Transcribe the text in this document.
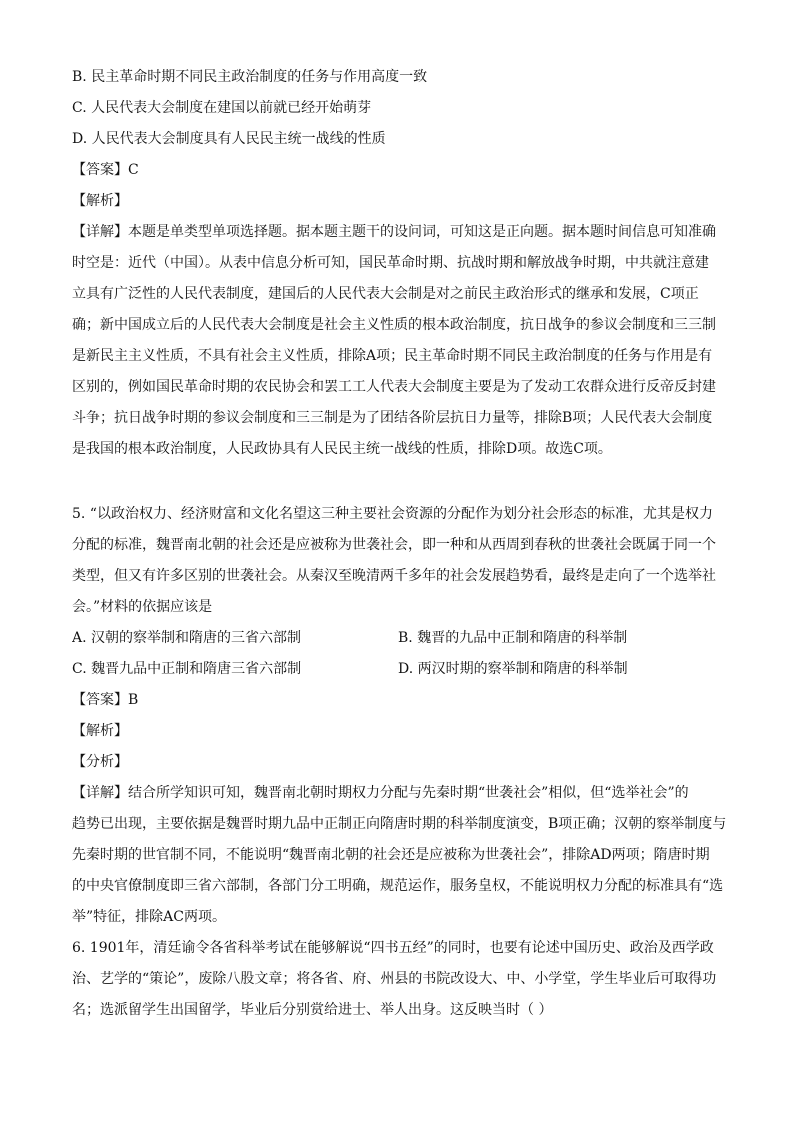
B. 民主革命时期不同民主政治制度的任务与作用高度一致
C. 人民代表大会制度在建国以前就已经开始萌芽
D. 人民代表大会制度具有人民民主统一战线的性质
【答案】C
【解析】
【详解】本题是单类型单项选择题。据本题主题干的设问词，可知这是正向题。据本题时间信息可知准确
时空是：近代（中国）。从表中信息分析可知，国民革命时期、抗战时期和解放战争时期，中共就注意建
立具有广泛性的人民代表制度，建国后的人民代表大会制是对之前民主政治形式的继承和发展，C项正
确；新中国成立后的人民代表大会制度是社会主义性质的根本政治制度，抗日战争的参议会制度和三三制
是新民主主义性质，不具有社会主义性质，排除A项；民主革命时期不同民主政治制度的任务与作用是有
区别的，例如国民革命时期的农民协会和罢工工人代表大会制度主要是为了发动工农群众进行反帝反封建
斗争；抗日战争时期的参议会制度和三三制是为了团结各阶层抗日力量等，排除B项；人民代表大会制度
是我国的根本政治制度，人民政协具有人民民主统一战线的性质，排除D项。故选C项。
5. “以政治权力、经济财富和文化名望这三种主要社会资源的分配作为划分社会形态的标准，尤其是权力
分配的标准，魏晋南北朝的社会还是应被称为世袭社会，即一种和从西周到春秋的世袭社会既属于同一个
类型，但又有许多区别的世袭社会。从秦汉至晚清两千多年的社会发展趋势看，最终是走向了一个选举社
会。”材料的依据应该是
A. 汉朝的察举制和隋唐的三省六部制	B. 魏晋的九品中正制和隋唐的科举制
C. 魏晋九品中正制和隋唐三省六部制	D. 两汉时期的察举制和隋唐的科举制
【答案】B
【解析】
【分析】
【详解】结合所学知识可知，魏晋南北朝时期权力分配与先秦时期“世袭社会”相似，但“选举社会”的
趋势已出现，主要依据是魏晋时期九品中正制正向隋唐时期的科举制度演变，B项正确；汉朝的察举制度与
先秦时期的世官制不同，不能说明“魏晋南北朝的社会还是应被称为世袭社会”，排除AD两项；隋唐时期
的中央官僚制度即三省六部制，各部门分工明确，规范运作，服务皇权，不能说明权力分配的标准具有“选
举”特征，排除AC两项。
6. 1901年，清廷谕令各省科举考试在能够解说“四书五经”的同时，也要有论述中国历史、政治及西学政
治、艺学的“策论”，废除八股文章；将各省、府、州县的书院改设大、中、小学堂，学生毕业后可取得功
名；选派留学生出国留学，毕业后分别赏给进士、举人出身。这反映当时（ ）
